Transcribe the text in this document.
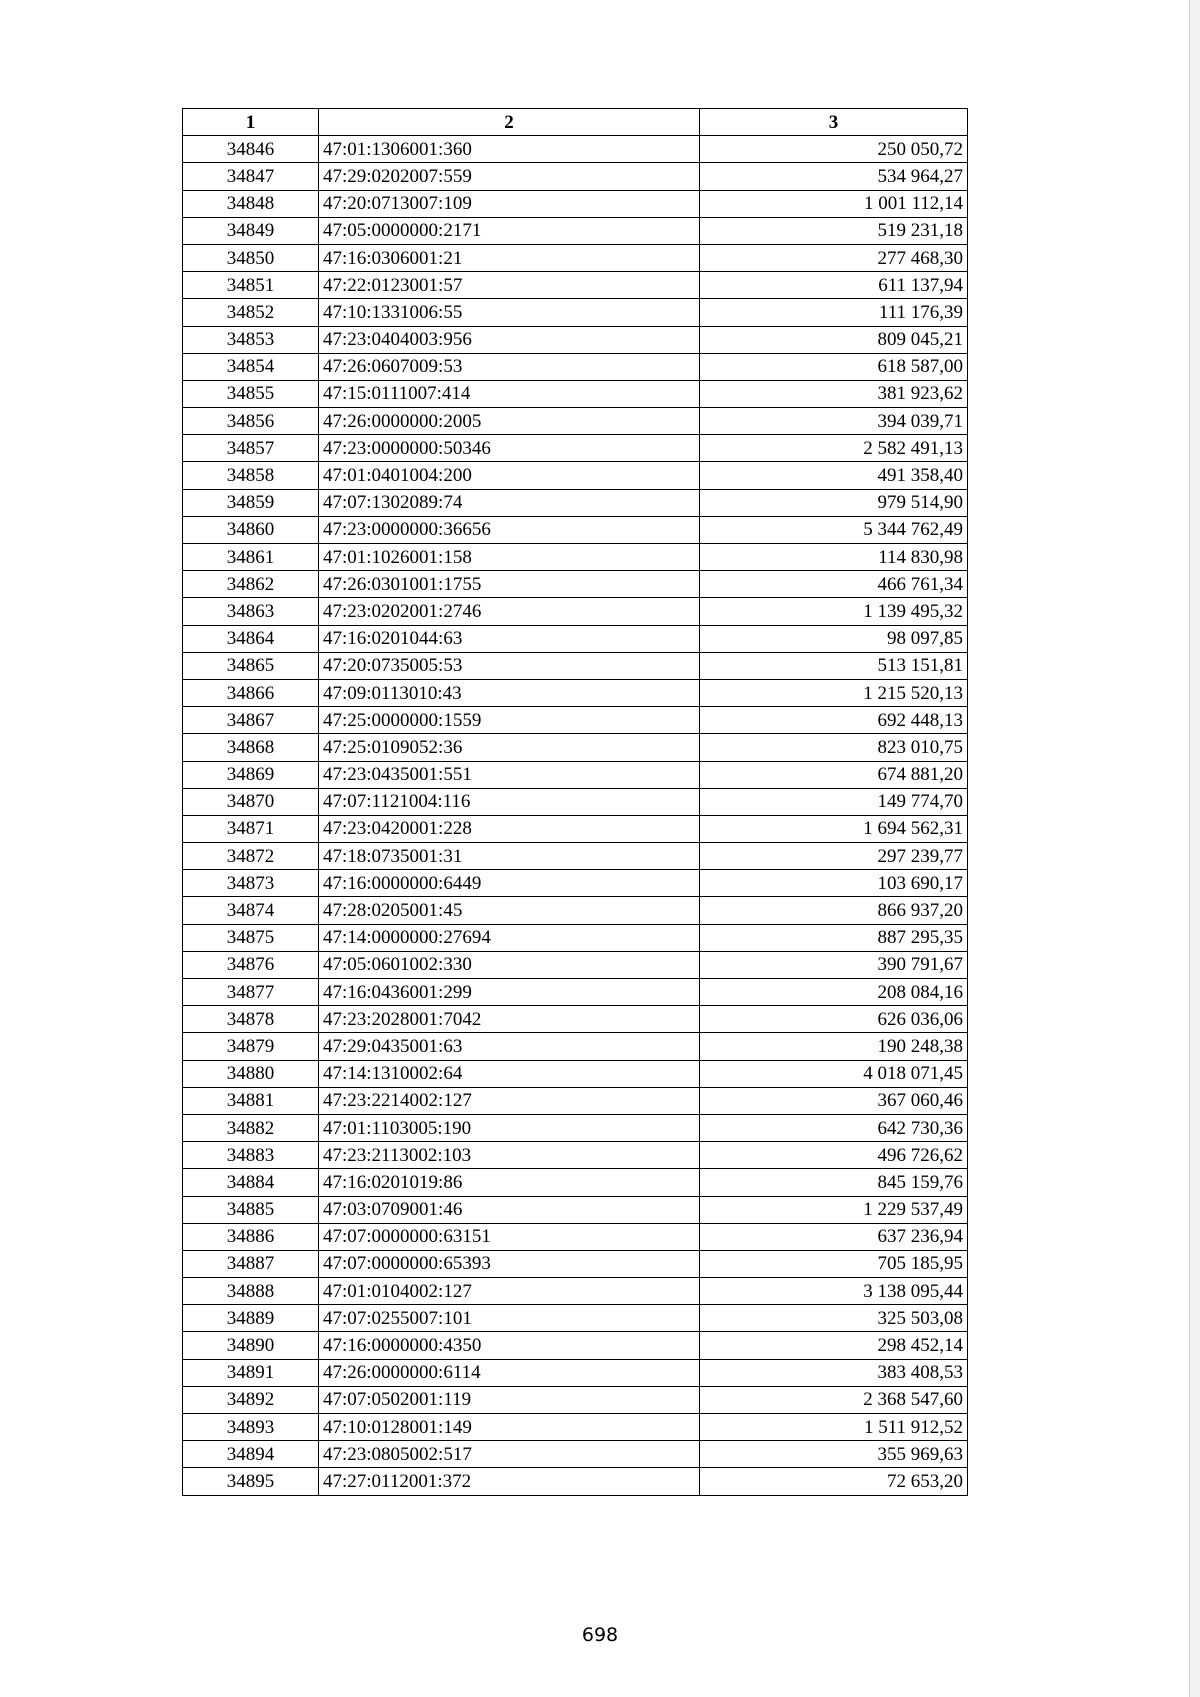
1	2	3
34846	47:01:1306001:360	250 050,72
34847	47:29:0202007:559	534 964,27
34848	47:20:0713007:109	1 001 112,14
34849	47:05:0000000:2171	519 231,18
34850	47:16:0306001:21	277 468,30
34851	47:22:0123001:57	611 137,94
34852	47:10:1331006:55	111 176,39
34853	47:23:0404003:956	809 045,21
34854	47:26:0607009:53	618 587,00
34855	47:15:0111007:414	381 923,62
34856	47:26:0000000:2005	394 039,71
34857	47:23:0000000:50346	2 582 491,13
34858	47:01:0401004:200	491 358,40
34859	47:07:1302089:74	979 514,90
34860	47:23:0000000:36656	5 344 762,49
34861	47:01:1026001:158	114 830,98
34862	47:26:0301001:1755	466 761,34
34863	47:23:0202001:2746	1 139 495,32
34864	47:16:0201044:63	98 097,85
34865	47:20:0735005:53	513 151,81
34866	47:09:0113010:43	1 215 520,13
34867	47:25:0000000:1559	692 448,13
34868	47:25:0109052:36	823 010,75
34869	47:23:0435001:551	674 881,20
34870	47:07:1121004:116	149 774,70
34871	47:23:0420001:228	1 694 562,31
34872	47:18:0735001:31	297 239,77
34873	47:16:0000000:6449	103 690,17
34874	47:28:0205001:45	866 937,20
34875	47:14:0000000:27694	887 295,35
34876	47:05:0601002:330	390 791,67
34877	47:16:0436001:299	208 084,16
34878	47:23:2028001:7042	626 036,06
34879	47:29:0435001:63	190 248,38
34880	47:14:1310002:64	4 018 071,45
34881	47:23:2214002:127	367 060,46
34882	47:01:1103005:190	642 730,36
34883	47:23:2113002:103	496 726,62
34884	47:16:0201019:86	845 159,76
34885	47:03:0709001:46	1 229 537,49
34886	47:07:0000000:63151	637 236,94
34887	47:07:0000000:65393	705 185,95
34888	47:01:0104002:127	3 138 095,44
34889	47:07:0255007:101	325 503,08
34890	47:16:0000000:4350	298 452,14
34891	47:26:0000000:6114	383 408,53
34892	47:07:0502001:119	2 368 547,60
34893	47:10:0128001:149	1 511 912,52
34894	47:23:0805002:517	355 969,63
34895	47:27:0112001:372	72 653,20
698
